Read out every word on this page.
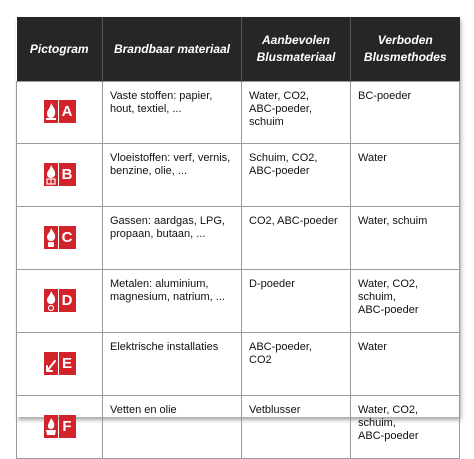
Pictogram	Brandbaar materiaal	Aanbevolen
Blusmateriaal	Verboden
Blusmethodes

A	Vaste stoffen: papier,
hout, textiel, ...	Water, CO2,
ABC-poeder, schuim	BC-poeder

B	Vloeistoffen: verf, vernis,
benzine, olie, ...	Schuim, CO2,
ABC-poeder	Water

C	Gassen: aardgas, LPG,
propaan, butaan, ...	CO2, ABC-poeder	Water, schuim

D	Metalen: aluminium,
magnesium, natrium, ...	D-poeder	Water, CO2, schuim,
ABC-poeder

E	Elektrische installaties	ABC-poeder,
CO2	Water

F	Vetten en olie	Vetblusser	Water, CO2, schuim,
ABC-poeder
